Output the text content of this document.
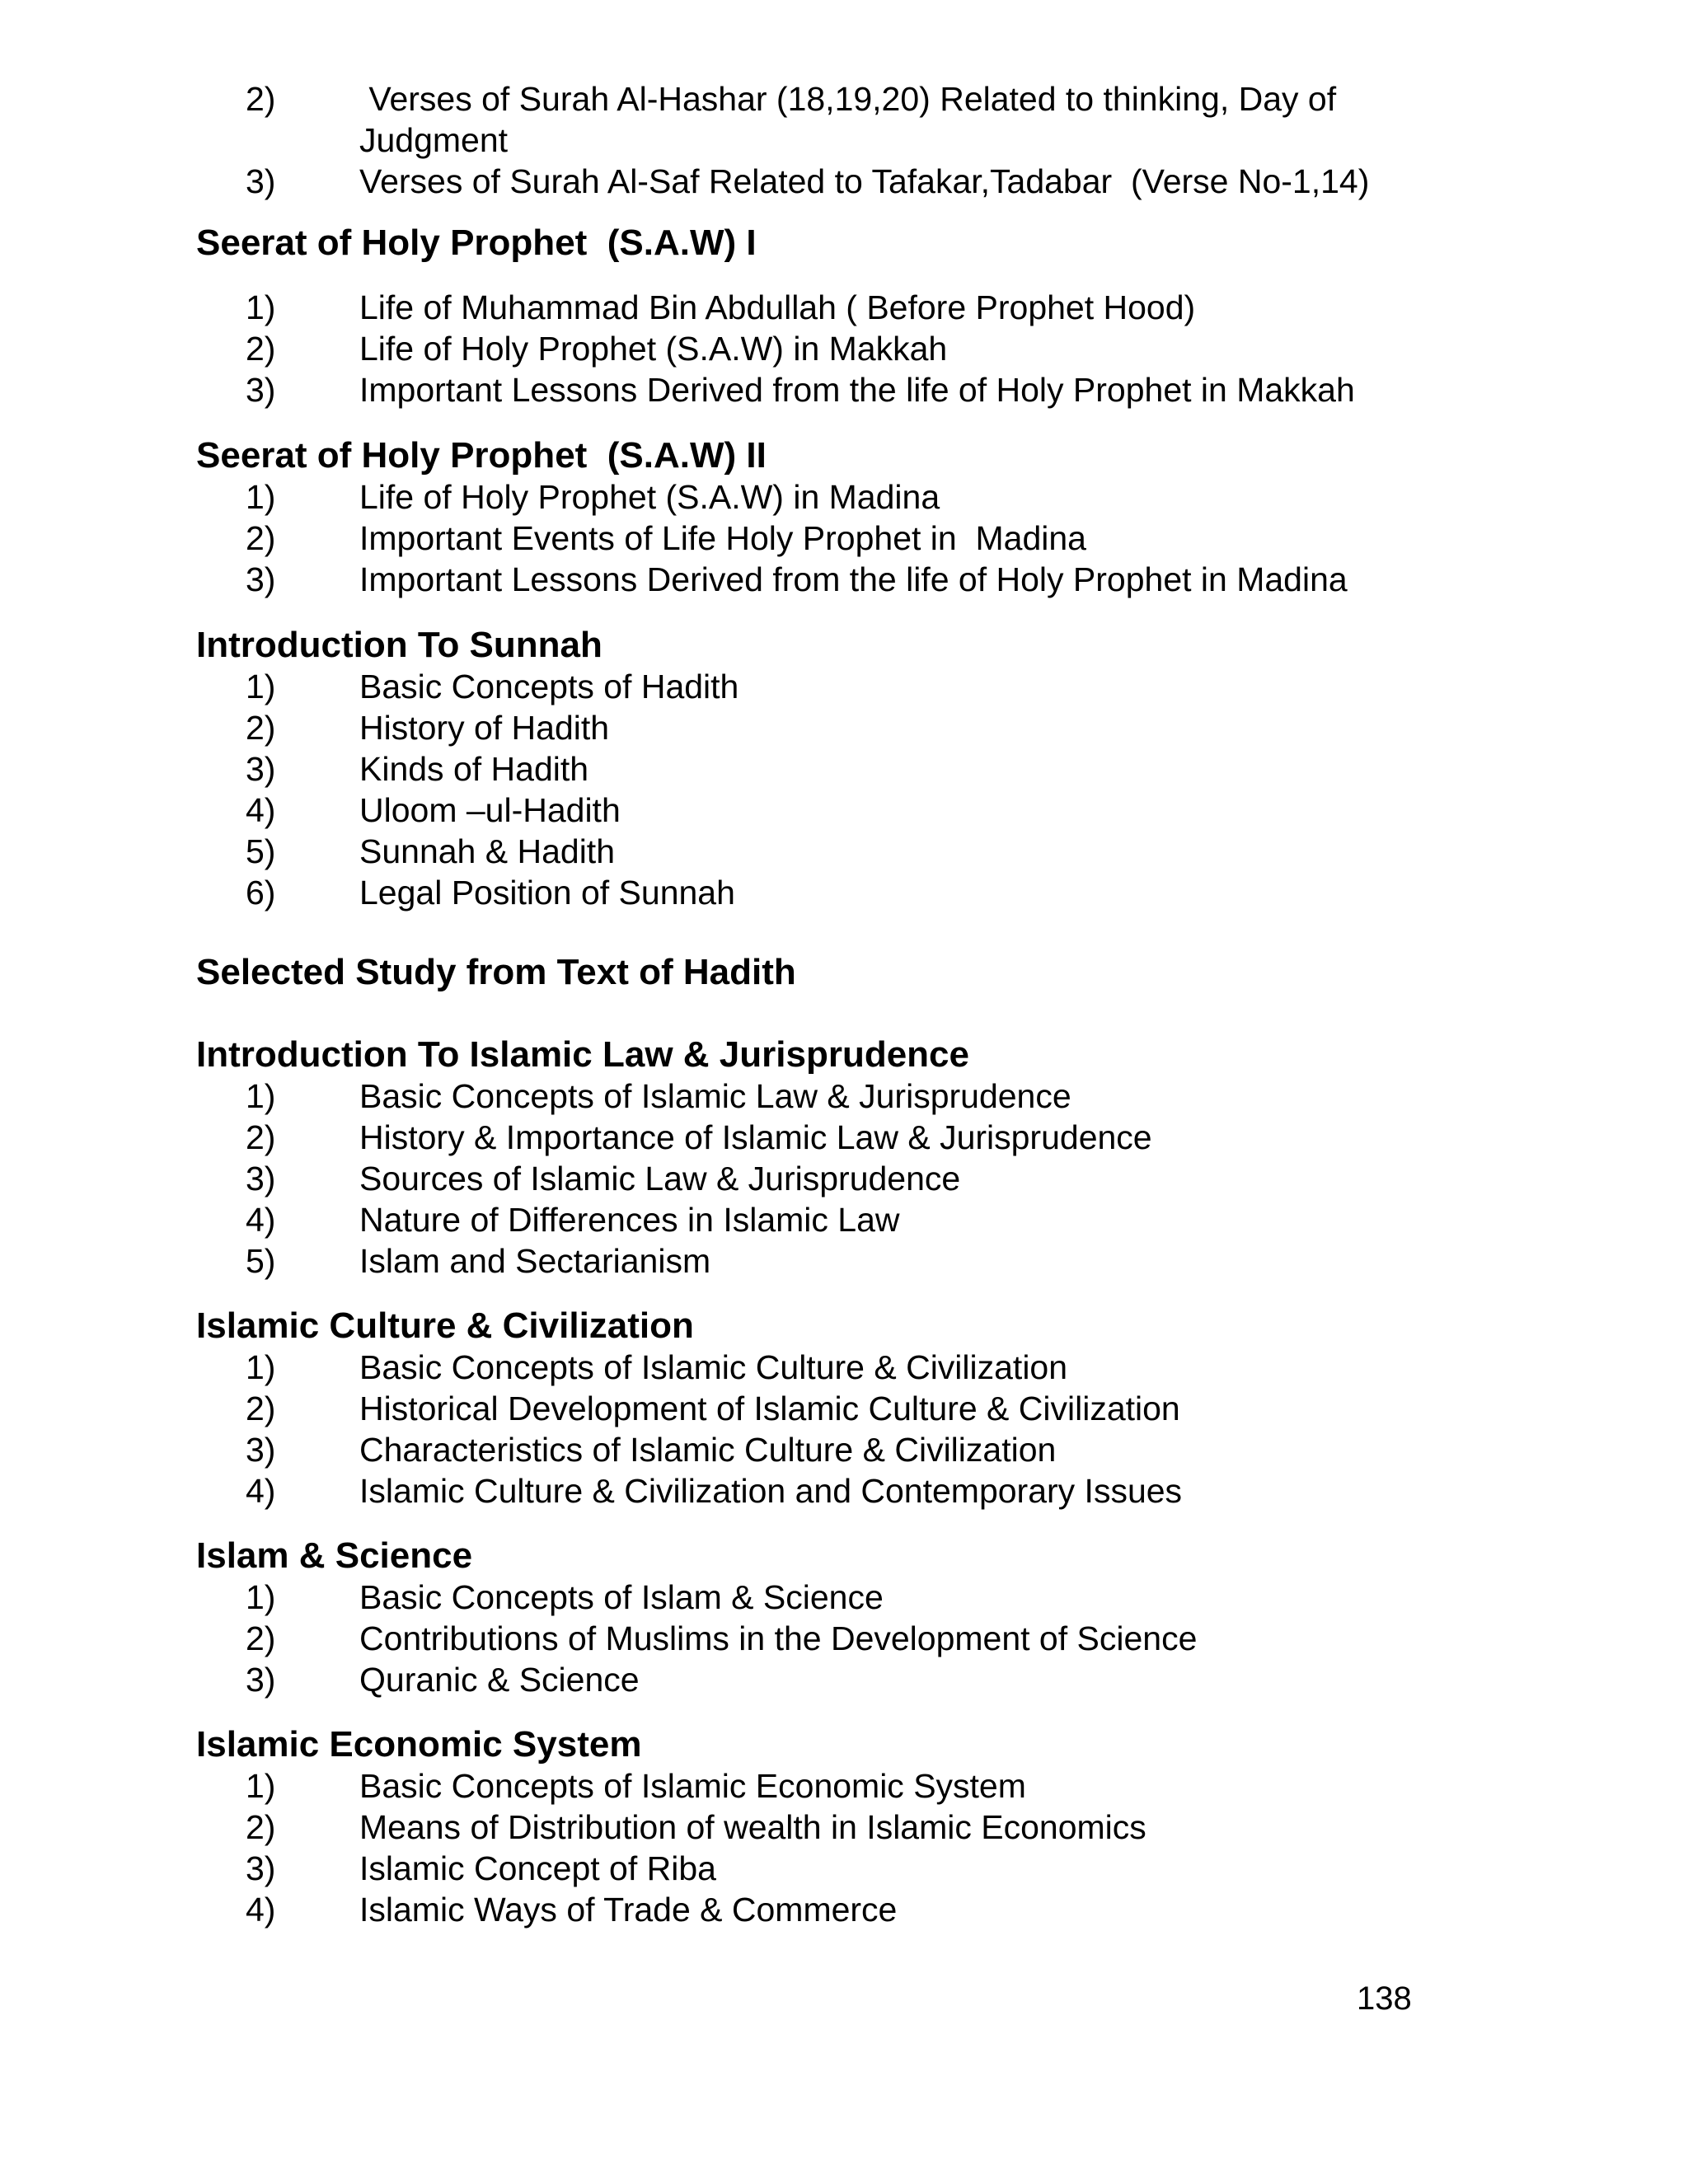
2) Verses of Surah Al-Hashar (18,19,20) Related to thinking, Day of
Judgment
3) Verses of Surah Al-Saf Related to Tafakar,Tadabar  (Verse No-1,14)
Seerat of Holy Prophet  (S.A.W) I
1) Life of Muhammad Bin Abdullah ( Before Prophet Hood)
2) Life of Holy Prophet (S.A.W) in Makkah
3) Important Lessons Derived from the life of Holy Prophet in Makkah
Seerat of Holy Prophet  (S.A.W) II
1) Life of Holy Prophet (S.A.W) in Madina
2) Important Events of Life Holy Prophet in  Madina
3) Important Lessons Derived from the life of Holy Prophet in Madina
Introduction To Sunnah
1) Basic Concepts of Hadith
2) History of Hadith
3) Kinds of Hadith
4) Uloom –ul-Hadith
5) Sunnah & Hadith
6) Legal Position of Sunnah
Selected Study from Text of Hadith
Introduction To Islamic Law & Jurisprudence
1) Basic Concepts of Islamic Law & Jurisprudence
2) History & Importance of Islamic Law & Jurisprudence
3) Sources of Islamic Law & Jurisprudence
4) Nature of Differences in Islamic Law
5) Islam and Sectarianism
Islamic Culture & Civilization
1) Basic Concepts of Islamic Culture & Civilization
2) Historical Development of Islamic Culture & Civilization
3) Characteristics of Islamic Culture & Civilization
4) Islamic Culture & Civilization and Contemporary Issues
Islam & Science
1) Basic Concepts of Islam & Science
2) Contributions of Muslims in the Development of Science
3) Quranic & Science
Islamic Economic System
1) Basic Concepts of Islamic Economic System
2) Means of Distribution of wealth in Islamic Economics
3) Islamic Concept of Riba
4) Islamic Ways of Trade & Commerce
138
